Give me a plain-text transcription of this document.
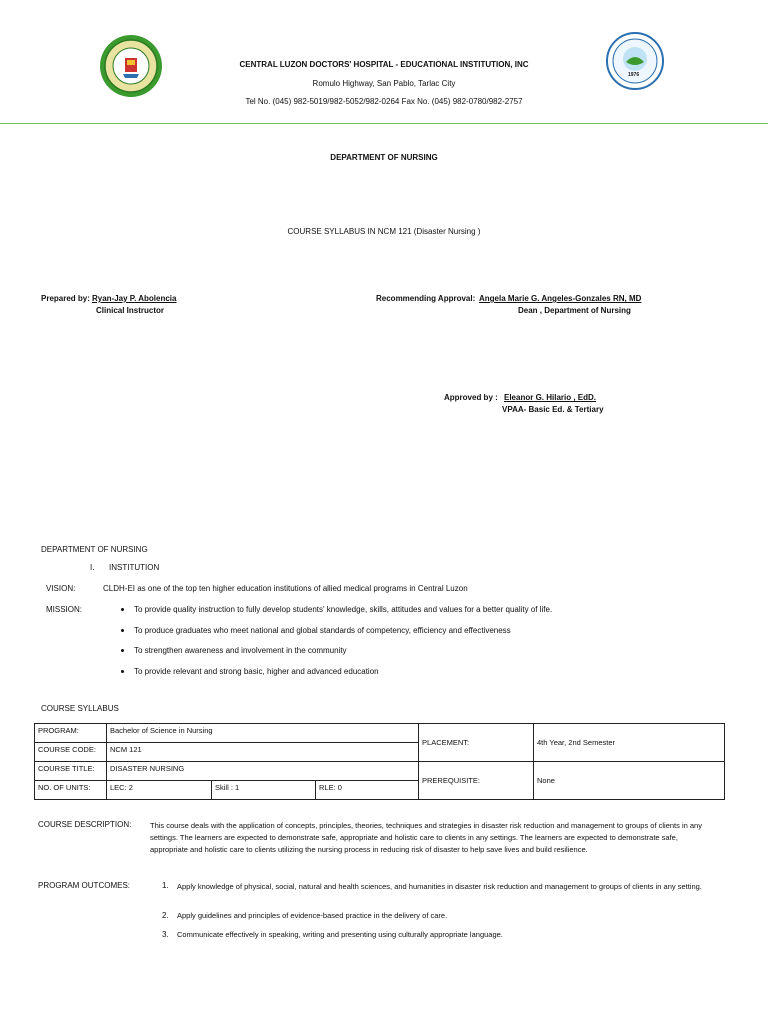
1976
CENTRAL LUZON DOCTORS' HOSPITAL - EDUCATIONAL INSTITUTION, INC
Romulo Highway, San Pablo, Tarlac City
Tel No. (045) 982-5019/982-5052/982-0264 Fax No. (045) 982-0780/982-2757
DEPARTMENT OF NURSING
COURSE SYLLABUS IN NCM 121 (Disaster Nursing )
Prepared by: Ryan-Jay P. Abolencia
Clinical Instructor
Recommending Approval: Angela Marie G. Angeles-Gonzales RN, MD
Dean , Department of Nursing
Approved by : Eleanor G. Hilario , EdD.
VPAA- Basic Ed. & Tertiary
DEPARTMENT OF NURSING
I. INSTITUTION
VISION:	CLDH-EI as one of the top ten higher education institutions of allied medical programs in Central Luzon
MISSION:	To provide quality instruction to fully develop students' knowledge, skills, attitudes and values for a better quality of life.
To produce graduates who meet national and global standards of competency, efficiency and effectiveness
To strengthen awareness and involvement in the community
To provide relevant and strong basic, higher and advanced education
COURSE SYLLABUS
PROGRAM:	Bachelor of Science in Nursing			PLACEMENT:	4th Year, 2nd Semester
COURSE CODE:	NCM 121				
COURSE TITLE:	DISASTER NURSING			PREREQUISITE:	None
NO. OF UNITS:	LEC: 2	Skill : 1	RLE: 0		
COURSE DESCRIPTION: This course deals with the application of concepts, principles, theories, techniques and strategies in disaster risk reduction and management to groups of clients in any settings. The learners are expected to demonstrate safe, appropriate and holistic care to clients in any settings. The learners are expected to demonstrate safe, appropriate and holistic care to clients utilizing the nursing process in reducing risk of disaster to help save lives and build resilience.
PROGRAM OUTCOMES:	1. Apply knowledge of physical, social, natural and health sciences, and humanities in disaster risk reduction and management to groups of clients in any setting.
2. Apply guidelines and principles of evidence-based practice in the delivery of care.
3. Communicate effectively in speaking, writing and presenting using culturally appropriate language.
